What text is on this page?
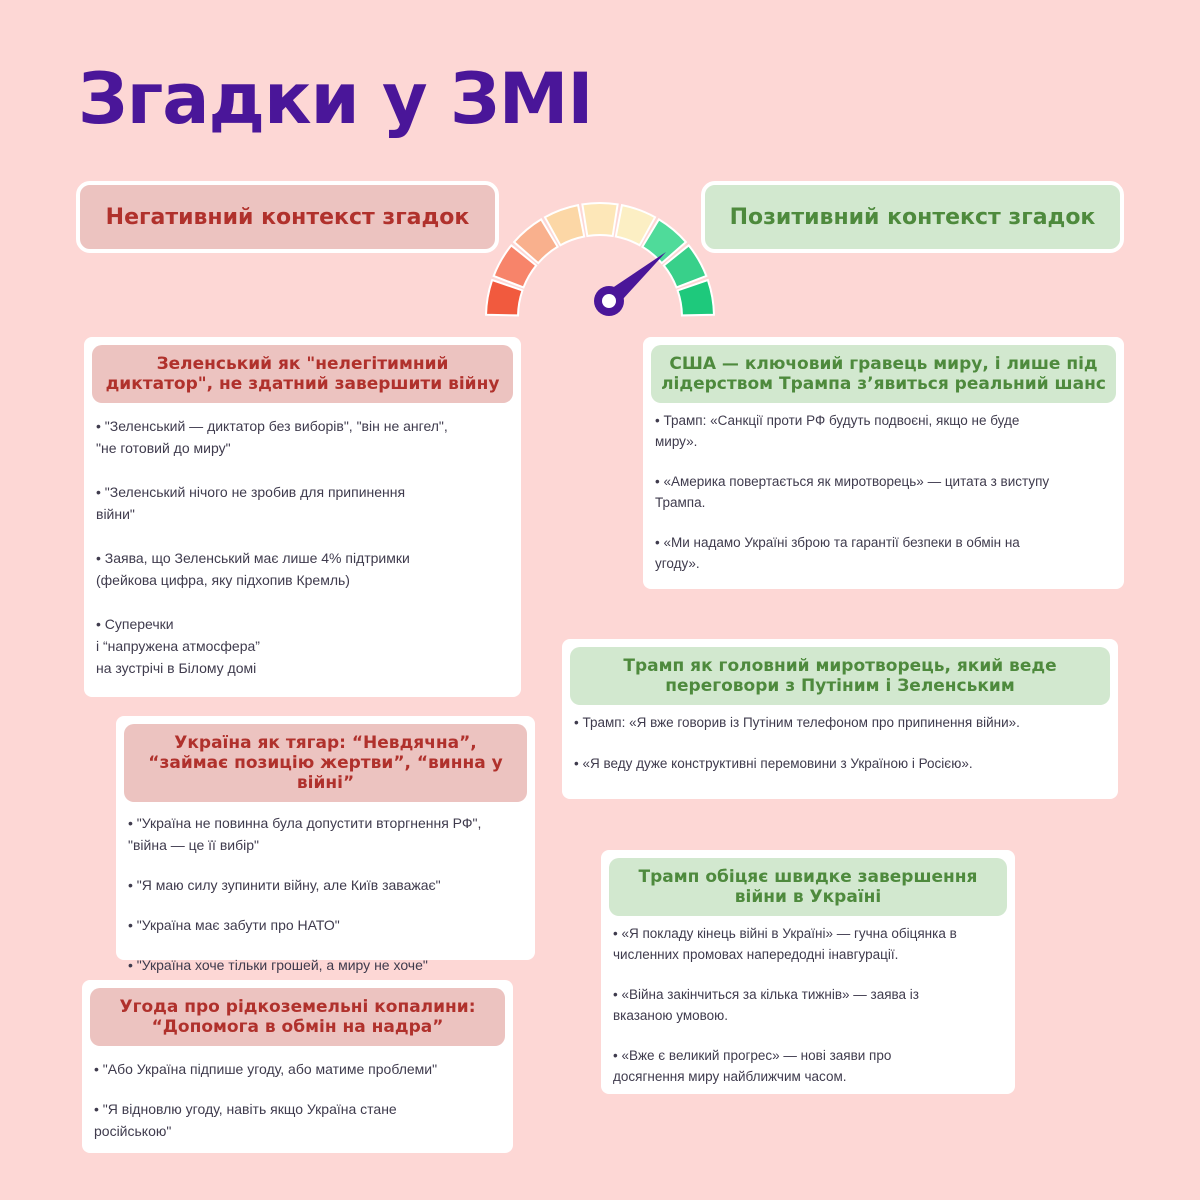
Згадки у ЗМІ
Негативний контекст згадок	Позитивний контекст згадок
Зеленський як "нелегітимний диктатор", не здатний завершити війну
• "Зеленський — диктатор без виборів", "він не ангел",
"не готовий до миру"
• "Зеленський нічого не зробив для припинення
війни"
• Заява, що Зеленський має лише 4% підтримки
(фейкова цифра, яку підхопив Кремль)
• Суперечки
і “напружена атмосфера”
на зустрічі в Білому домі
Україна як тягар: “Невдячна”, “займає позицію жертви”, “винна у війні”
• "Україна не повинна була допустити вторгнення РФ",
"війна — це її вибір"
• "Я маю силу зупинити війну, але Київ заважає"
• "Україна має забути про НАТО"
• "Україна хоче тільки грошей, а миру не хоче"
Угода про рідкоземельні копалини: “Допомога в обмін на надра”
• "Або Україна підпише угоду, або матиме проблеми"
• "Я відновлю угоду, навіть якщо Україна стане
російською"
США — ключовий гравець миру, і лише під лідерством Трампа з’явиться реальний шанс
• Трамп: «Санкції проти РФ будуть подвоєні, якщо не буде
миру».
• «Америка повертається як миротворець» — цитата з виступу
Трампа.
• «Ми надамо Україні зброю та гарантії безпеки в обмін на
угоду».
Трамп як головний миротворець, який веде переговори з Путіним і Зеленським
• Трамп: «Я вже говорив із Путіним телефоном про припинення війни».
• «Я веду дуже конструктивні перемовини з Україною і Росією».
Трамп обіцяє швидке завершення війни в Україні
• «Я покладу кінець війні в Україні» — гучна обіцянка в
численних промовах напередодні інавгурації.
• «Війна закінчиться за кілька тижнів» — заява із
вказаною умовою.
• «Вже є великий прогрес» — нові заяви про
досягнення миру найближчим часом.
